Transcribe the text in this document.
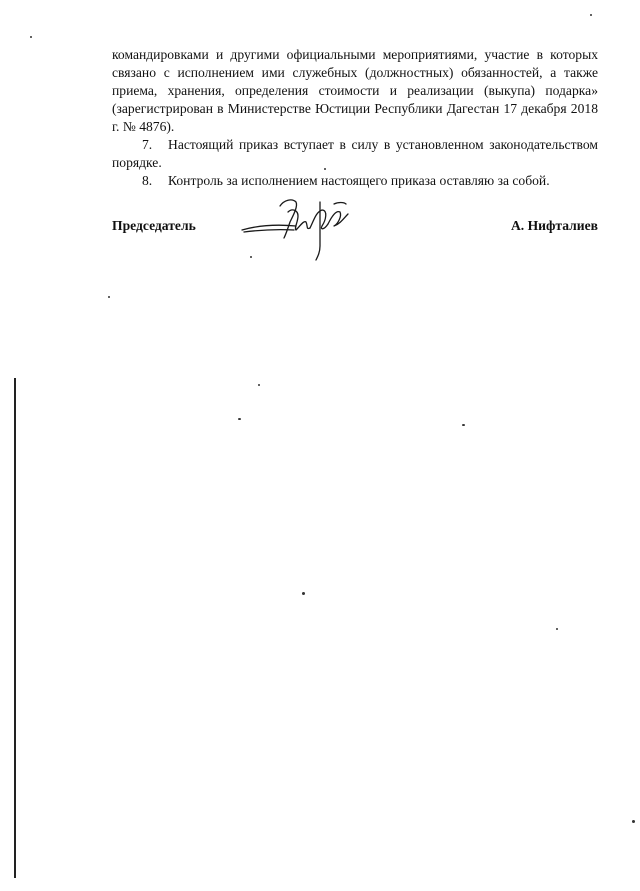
командировками и другими официальными мероприятиями, участие в которых связано с исполнением ими служебных (должностных) обязанностей, а также приема, хранения, определения стоимости и реализации (выкупа) подарка» (зарегистрирован в Министерстве Юстиции Республики Дагестан 17 декабря 2018 г. № 4876).

7. Настоящий приказ вступает в силу в установленном законодательством порядке.

8. Контроль за исполнением настоящего приказа оставляю за собой.

Председатель	А. Нифталиев
